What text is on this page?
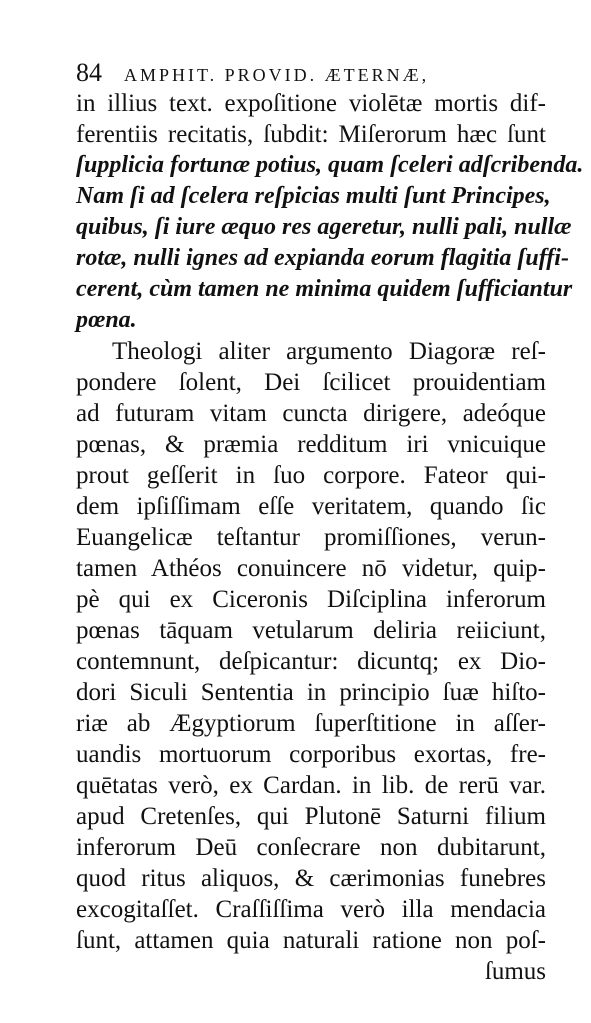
84 AMPHIT. PROVID. ÆTERNÆ,
in illius text. expoſitione violētæ mortis dif-
ferentiis recitatis, ſubdit: Miſerorum hæc ſunt
ſupplicia fortunæ potius, quam ſceleri adſcribenda.
Nam ſi ad ſcelera reſpicias multi ſunt Principes,
quibus, ſi iure æquo res ageretur, nulli pali, nullæ
rotæ, nulli ignes ad expianda eorum flagitia ſuffi-
cerent, cùm tamen ne minima quidem ſufficiantur
pœna.
Theologi aliter argumento Diagoræ reſ-
pondere ſolent, Dei ſcilicet prouidentiam
ad futuram vitam cuncta dirigere, adeóque
pœnas, & præmia redditum iri vnicuique
prout geſſerit in ſuo corpore. Fateor qui-
dem ipſiſſimam eſſe veritatem, quando ſic
Euangelicæ teſtantur promiſſiones, verun-
tamen Athéos conuincere nō videtur, quip-
pè qui ex Ciceronis Diſciplina inferorum
pœnas tāquam vetularum deliria reiiciunt,
contemnunt, deſpicantur: dicuntq; ex Dio-
dori Siculi Sententia in principio ſuæ hiſto-
riæ ab Ægyptiorum ſuperſtitione in aſſer-
uandis mortuorum corporibus exortas, fre-
quētatas verò, ex Cardan. in lib. de rerū var.
apud Cretenſes, qui Plutonē Saturni filium
inferorum Deū conſecrare non dubitarunt,
quod ritus aliquos, & cærimonias funebres
excogitaſſet. Craſſiſſima verò illa mendacia
ſunt, attamen quia naturali ratione non poſ-
ſumus
